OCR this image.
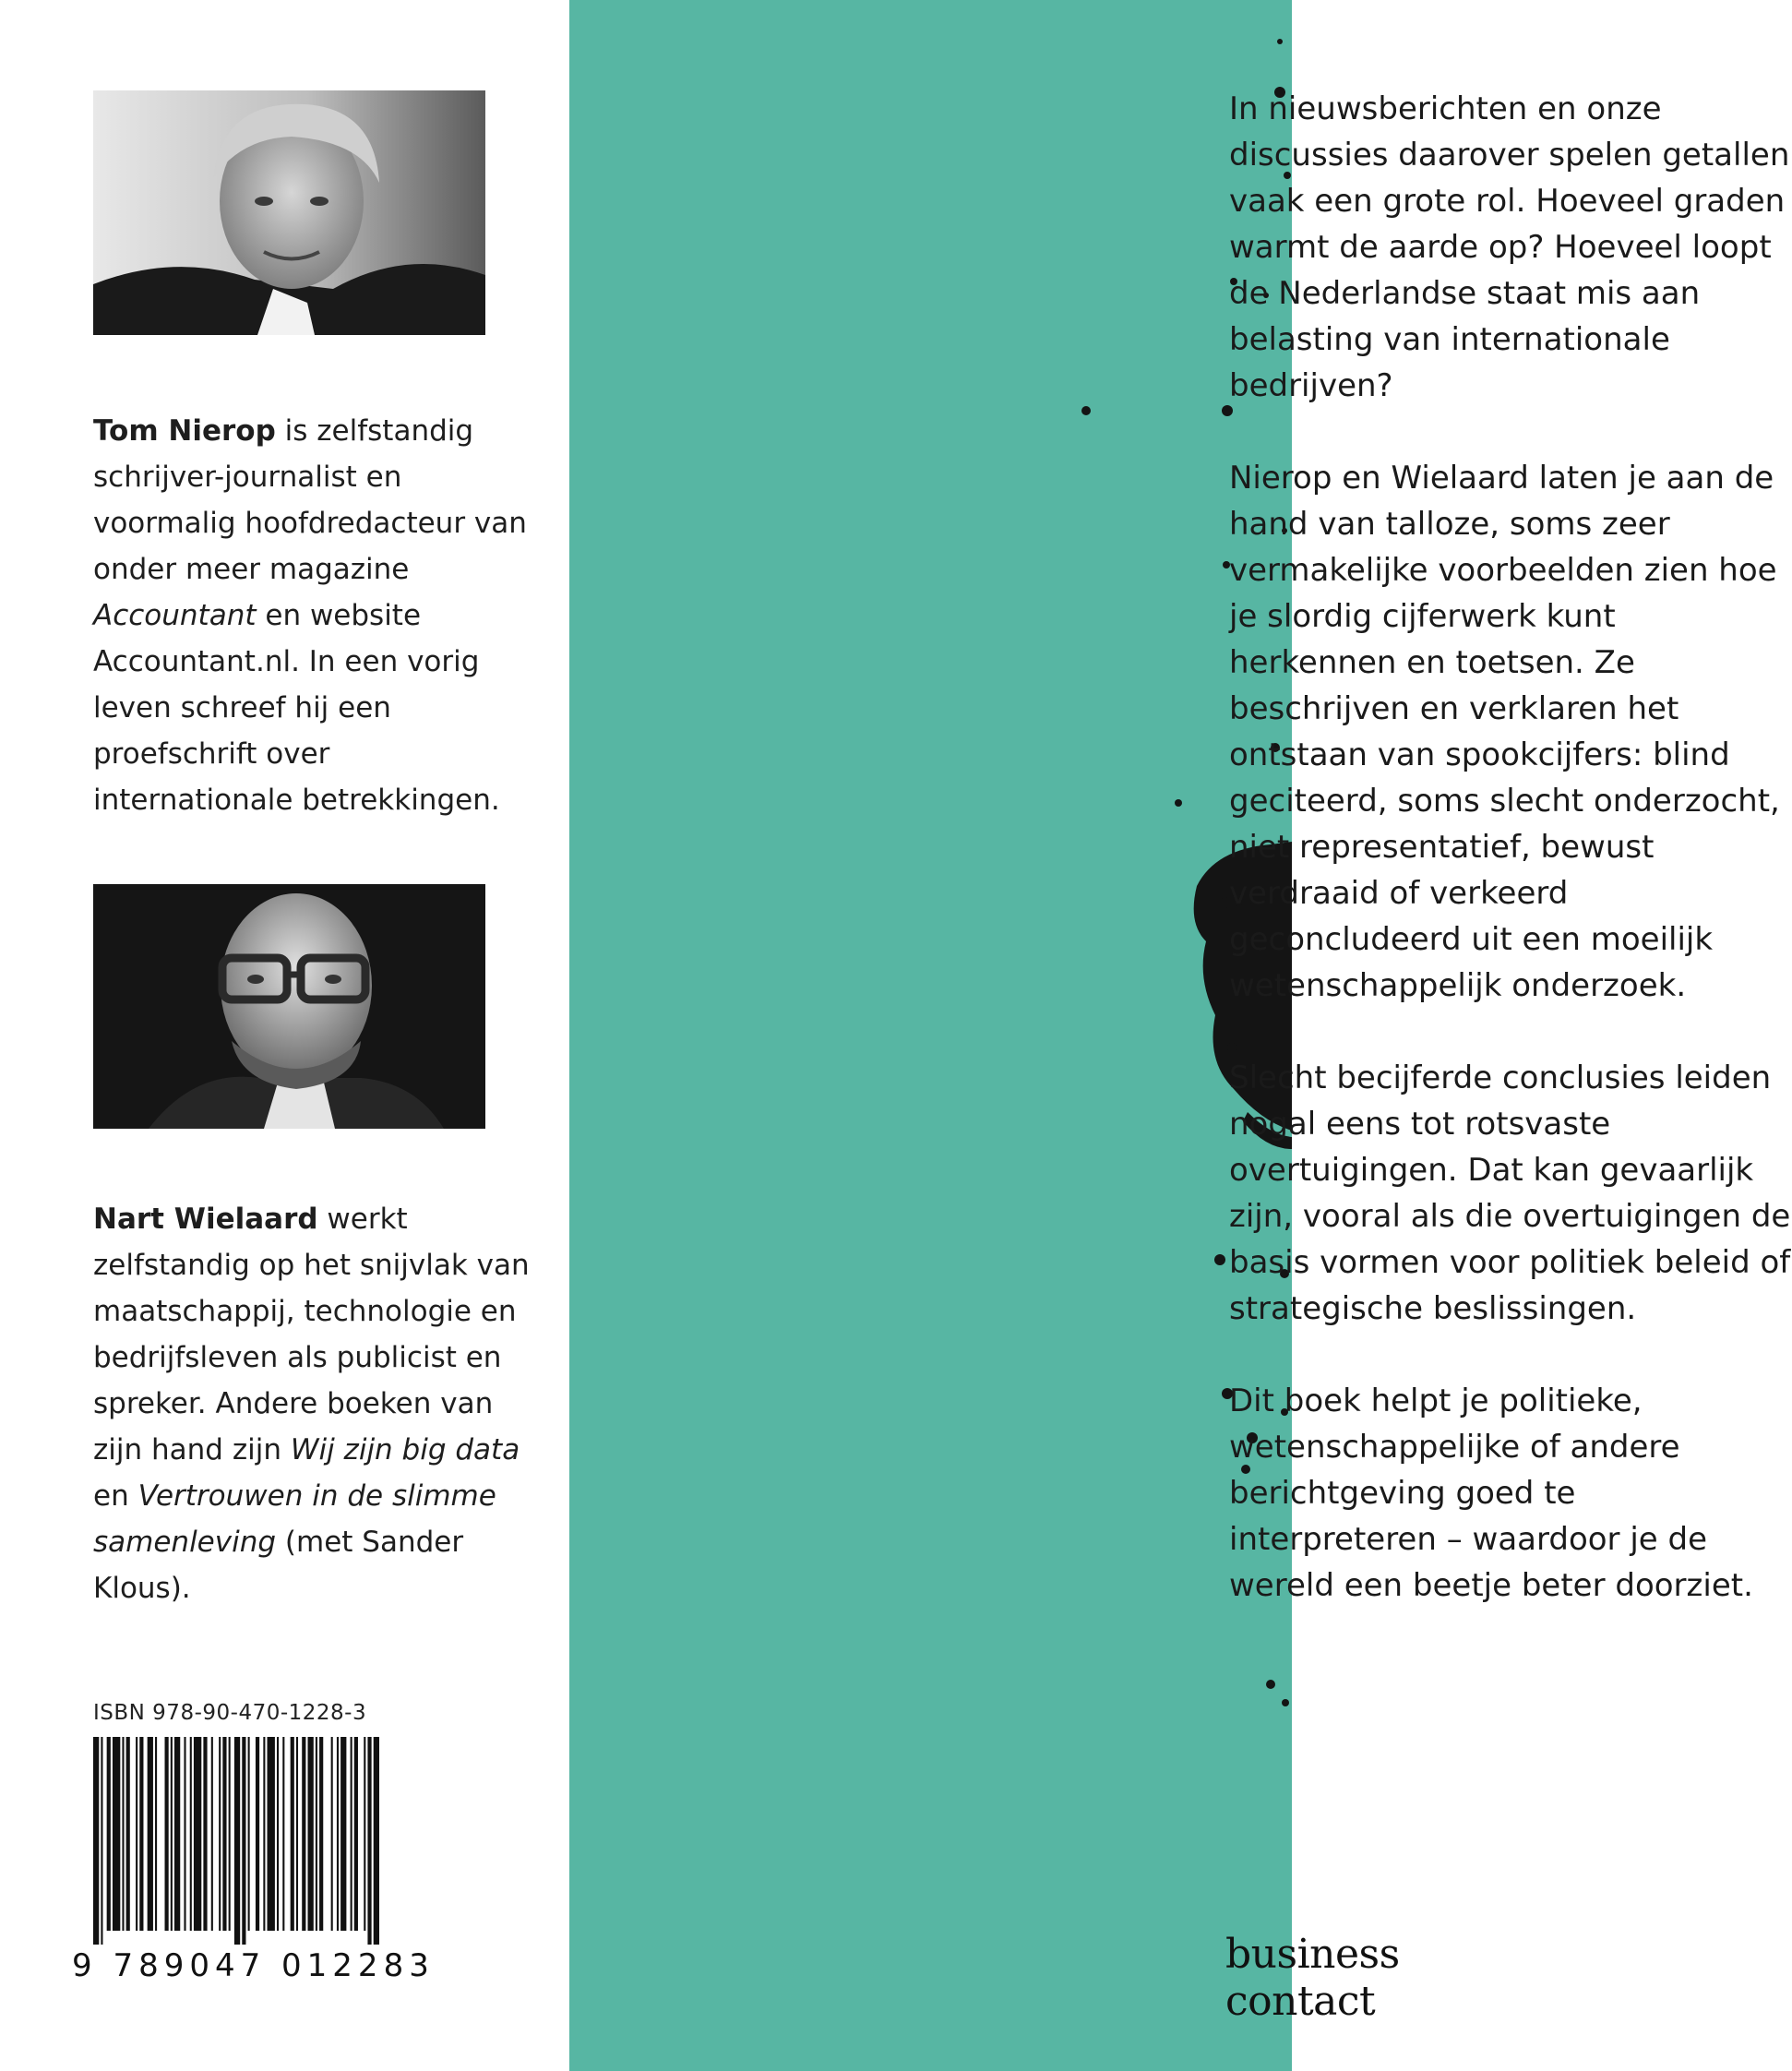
Tom Nierop is zelfstandig schrijver-journalist en voormalig hoofdredacteur van onder meer magazine Accountant en website Accountant.nl. In een vorig leven schreef hij een proefschrift over internationale betrekkingen.
Nart Wielaard werkt zelfstandig op het snijvlak van maatschappij, technologie en bedrijfsleven als publicist en spreker. Andere boeken van zijn hand zijn Wij zijn big data en Vertrouwen in de slimme samenleving (met Sander Klous).
ISBN 978-90-470-1228-3
9 789047 012283

In nieuwsberichten en onze discussies daarover spelen getallen vaak een grote rol. Hoeveel graden warmt de aarde op? Hoeveel loopt de Nederlandse staat mis aan belasting van internationale bedrijven?

Nierop en Wielaard laten je aan de hand van talloze, soms zeer vermakelijke voorbeelden zien hoe je slordig cijferwerk kunt herkennen en toetsen. Ze beschrijven en verklaren het ontstaan van spookcijfers: blind geciteerd, soms slecht onderzocht, niet representatief, bewust verdraaid of verkeerd geconcludeerd uit een moeilijk wetenschappelijk onderzoek.

Slecht becijferde conclusies leiden nogal eens tot rotsvaste overtuigingen. Dat kan gevaarlijk zijn, vooral als die overtuigingen de basis vormen voor politiek beleid of strategische beslissingen.

Dit boek helpt je politieke, wetenschappelijke of andere berichtgeving goed te interpreteren – waardoor je de wereld een beetje beter doorziet.

business contact
